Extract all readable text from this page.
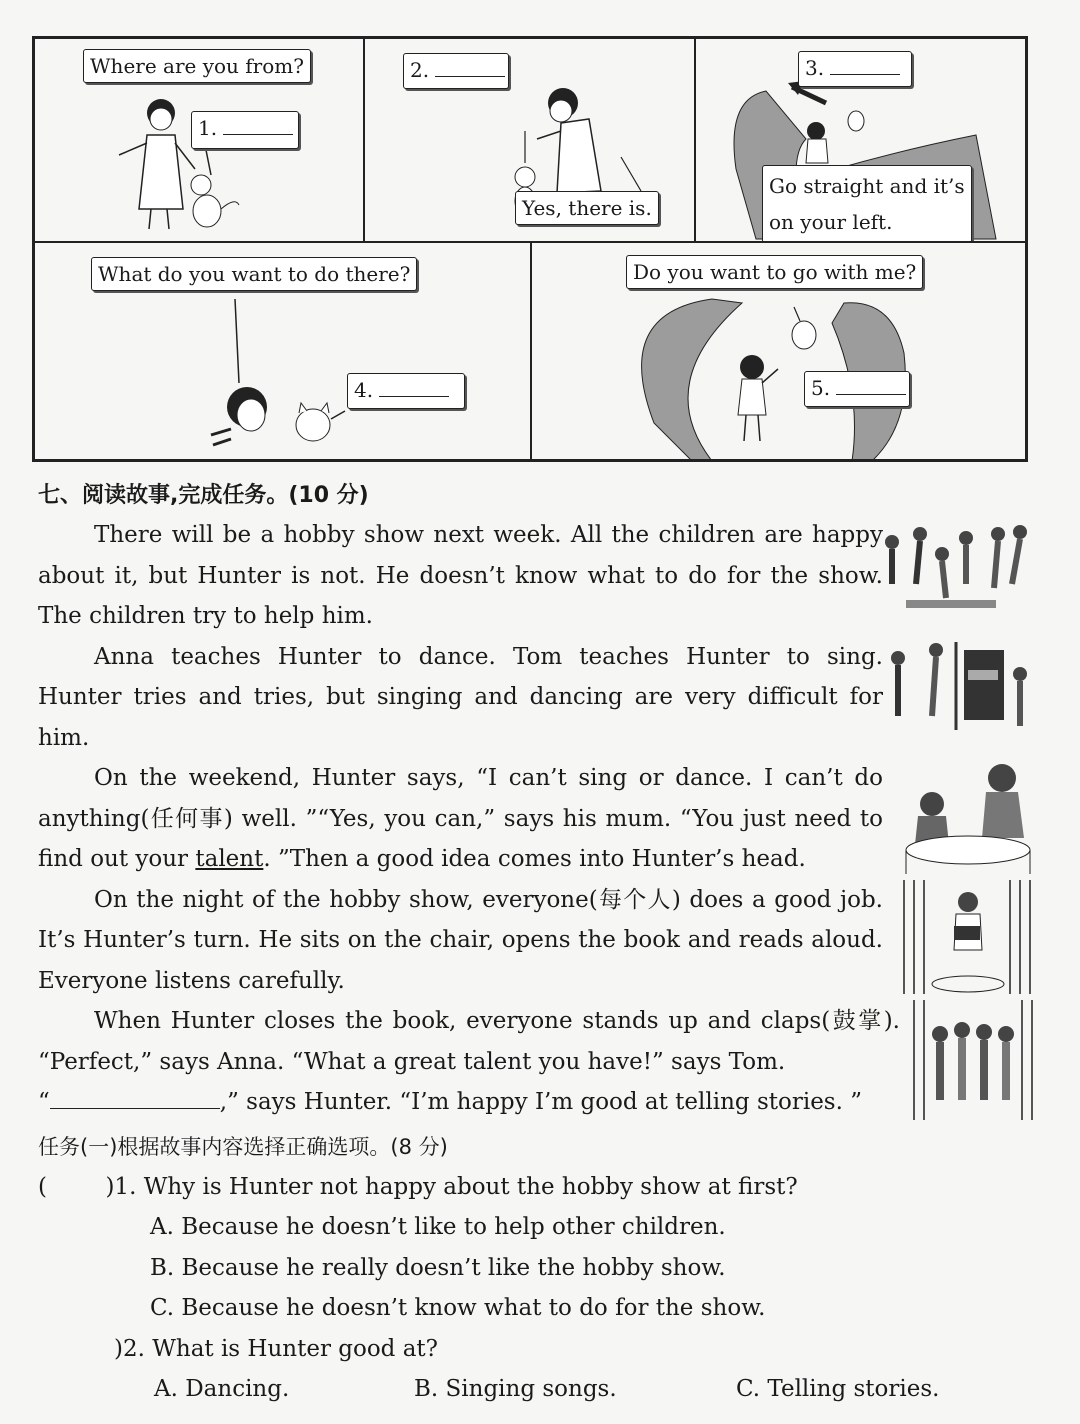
Where are you from?
1.
2.
Yes, there is.
3.
Go straight and it’s
on your left.
What do you want to do there?
4.
Do you want to go with me?
5.
七、阅读故事,完成任务。(10 分)

There will be a hobby show next week. All the children are happy about it, but Hunter is not. He doesn’t know what to do for the show. The children try to help him.

Anna teaches Hunter to dance. Tom teaches Hunter to sing. Hunter tries and tries, but singing and dancing are very difficult for him.

On the weekend, Hunter says, “I can’t sing or dance. I can’t do anything(任何事) well. ”“Yes, you can,” says his mum. “You just need to find out your talent. ”Then a good idea comes into Hunter’s head.

On the night of the hobby show, everyone(每个人) does a good job. It’s Hunter’s turn. He sits on the chair, opens the book and reads aloud. Everyone listens carefully.

When Hunter closes the book, everyone stands up and claps(鼓掌). “Perfect,” says Anna. “What a great talent you have!” says Tom.
“	,” says Hunter. “I’m happy I’m good at telling stories. ”

任务(一)根据故事内容选择正确选项。(8 分)

(        )1. Why is Hunter not happy about the hobby show at first?

A. Because he doesn’t like to help other children.

B. Because he really doesn’t like the hobby show.

C. Because he doesn’t know what to do for the show.

)2. What is Hunter good at?

A. Dancing.	B. Singing songs.	C. Telling stories.
